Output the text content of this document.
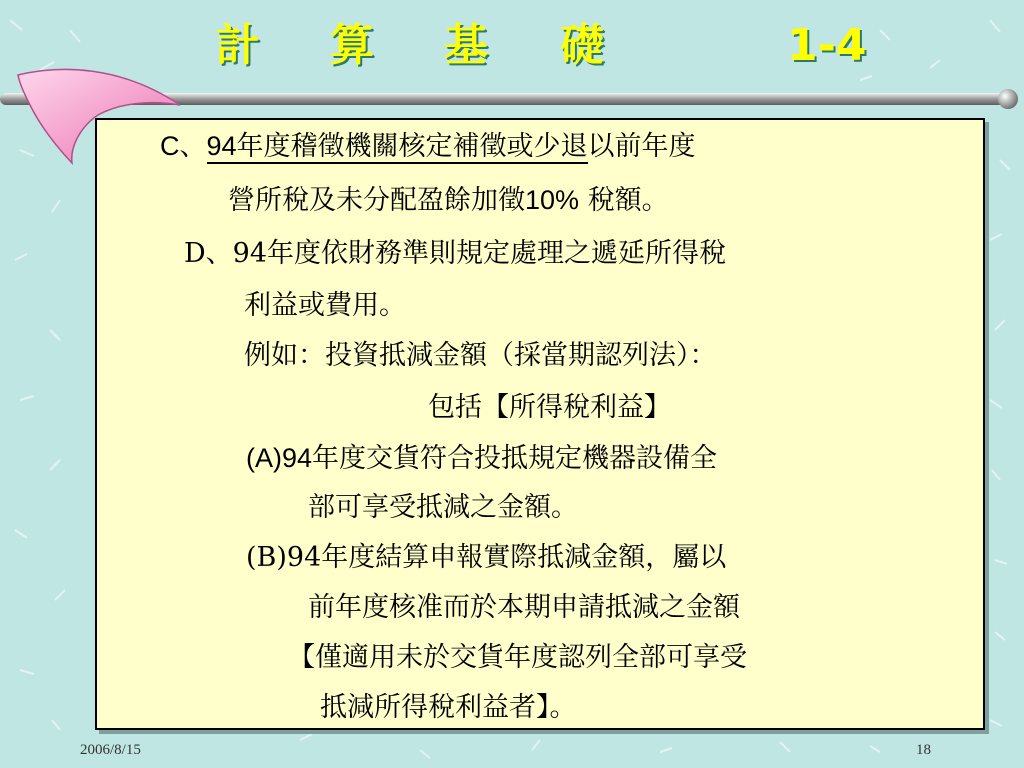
計 算 基 礎	1-4
C、94年度稽徵機關核定補徵或少退以前年度
營所稅及未分配盈餘加徵10% 稅額。
D、94年度依財務準則規定處理之遞延所得稅
利益或費用。
例如：投資抵減金額（採當期認列法）：
包括【所得稅利益】
(A)94年度交貨符合投抵規定機器設備全
部可享受抵減之金額。
(B)94年度結算申報實際抵減金額，屬以
前年度核准而於本期申請抵減之金額
【僅適用未於交貨年度認列全部可享受
抵減所得稅利益者】。
2006/8/15	18
